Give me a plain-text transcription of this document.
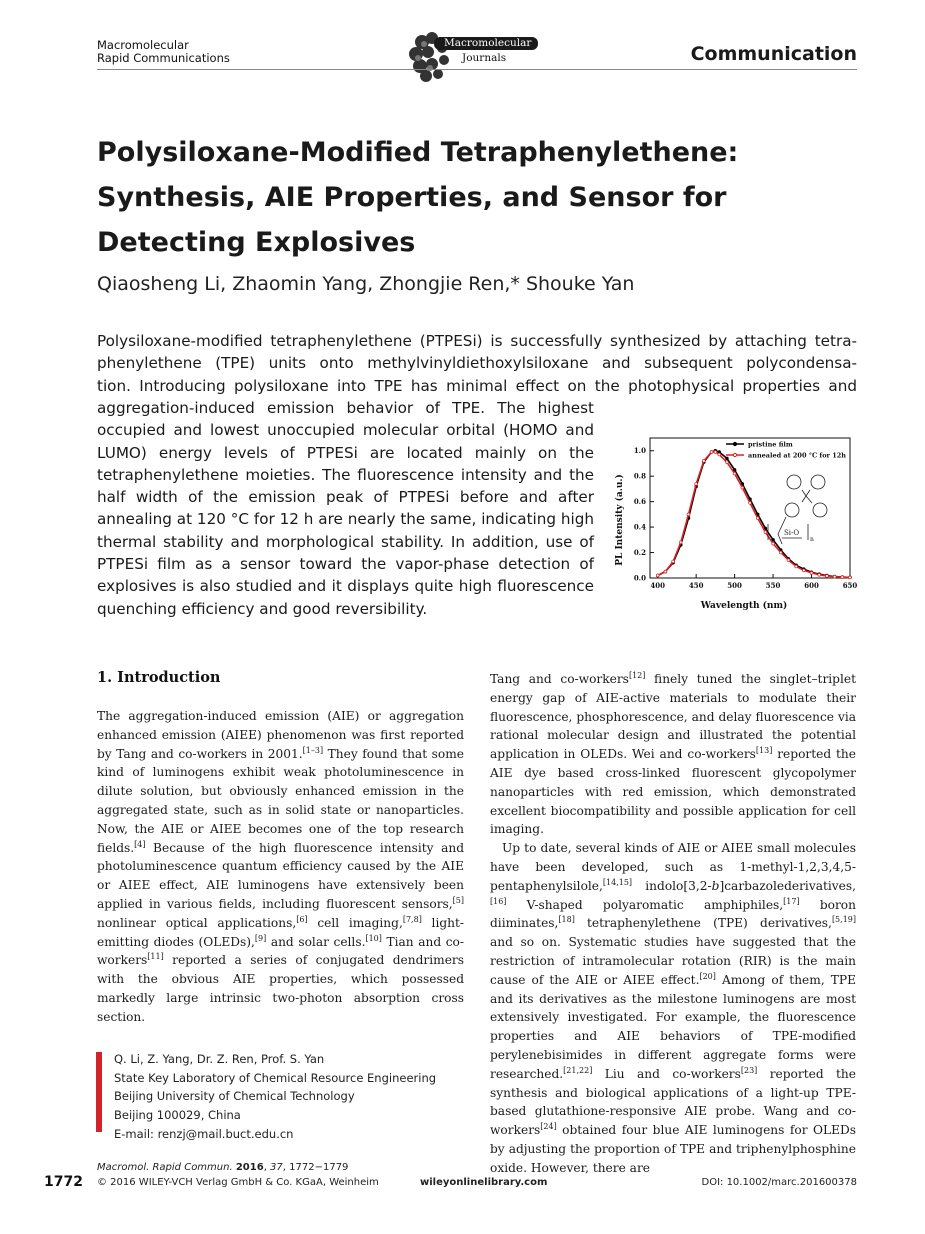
Macromolecular
Rapid Communications
Macromolecular
Journals	Communication
Polysiloxane-Modified Tetraphenylethene:
Synthesis, AIE Properties, and Sensor for
Detecting Explosives
Qiaosheng Li, Zhaomin Yang, Zhongjie Ren,* Shouke Yan
Polysiloxane-modified tetraphenylethene (PTPESi) is successfully synthesized by attaching tetra-
phenylethene (TPE) units onto methylvinyldiethoxylsiloxane and subsequent polycondensa-
tion. Introducing polysiloxane into TPE has minimal effect on the photophysical properties and
aggregation-induced emission behavior of TPE. The highest occupied and lowest unoccupied molecular orbital (HOMO and LUMO) energy levels of PTPESi are located mainly on the tetraphenylethene moieties. The fluorescence intensity and the half width of the emission peak of PTPESi before and after annealing at 120 °C for 12 h are nearly the same, indicating high thermal stability and morphological stability. In addition, use of PTPESi film as a sensor toward the vapor-phase detection of explosives is also studied and it displays quite high fluorescence quenching efficiency and good reversibility.
400	450	500	550	600	650
0.0
0.2
0.4
0.6
0.8
1.0
pristine film
annealed at 200 °C for 12h
Si-O
n
Wavelength (nm)
PL Intensity (a.u.)
1. Introduction

The aggregation-induced emission (AIE) or aggregation enhanced emission (AIEE) phenomenon was first reported by Tang and co-workers in 2001.[1–3] They found that some kind of luminogens exhibit weak photoluminescence in dilute solution, but obviously enhanced emission in the aggregated state, such as in solid state or nanoparticles. Now, the AIE or AIEE becomes one of the top research fields.[4] Because of the high fluorescence intensity and photoluminescence quantum efficiency caused by the AIE or AIEE effect, AIE luminogens have extensively been applied in various fields, including fluorescent sensors,[5] nonlinear optical applications,[6] cell imaging,[7,8] light-emitting diodes (OLEDs),[9] and solar cells.[10] Tian and co-workers[11] reported a series of conjugated dendrimers with the obvious AIE properties, which possessed markedly large intrinsic two-photon absorption cross section.

Tang and co-workers[12] finely tuned the singlet–triplet energy gap of AIE-active materials to modulate their fluorescence, phosphorescence, and delay fluorescence via rational molecular design and illustrated the potential application in OLEDs. Wei and co-workers[13] reported the AIE dye based cross-linked fluorescent glycopolymer nanoparticles with red emission, which demonstrated excellent biocompatibility and possible application for cell imaging.

Up to date, several kinds of AIE or AIEE small molecules have been developed, such as 1-methyl-1,2,3,4,5-pentaphenylsilole,[14,15] indolo[3,2-b]carbazolederivatives,[16] V-shaped polyaromatic amphiphiles,[17] boron diiminates,[18] tetraphenylethene (TPE) derivatives,[5,19] and so on. Systematic studies have suggested that the restriction of intramolecular rotation (RIR) is the main cause of the AIE or AIEE effect.[20] Among of them, TPE and its derivatives as the milestone luminogens are most extensively investigated. For example, the fluorescence properties and AIE behaviors of TPE-modified perylenebisimides in different aggregate forms were researched.[21,22] Liu and co-workers[23] reported the synthesis and biological applications of a light-up TPE-based glutathione-responsive AIE probe. Wang and co-workers[24] obtained four blue AIE luminogens for OLEDs by adjusting the proportion of TPE and triphenylphosphine oxide. However, there are

Q. Li, Z. Yang, Dr. Z. Ren, Prof. S. Yan
State Key Laboratory of Chemical Resource Engineering
Beijing University of Chemical Technology
Beijing 100029, China
E-mail: renzj@mail.buct.edu.cn
Macromol. Rapid Commun. 2016, 37, 1772−1779
1772 © 2016 WILEY-VCH Verlag GmbH & Co. KGaA, Weinheim	wileyonlinelibrary.com	DOI: 10.1002/marc.201600378
